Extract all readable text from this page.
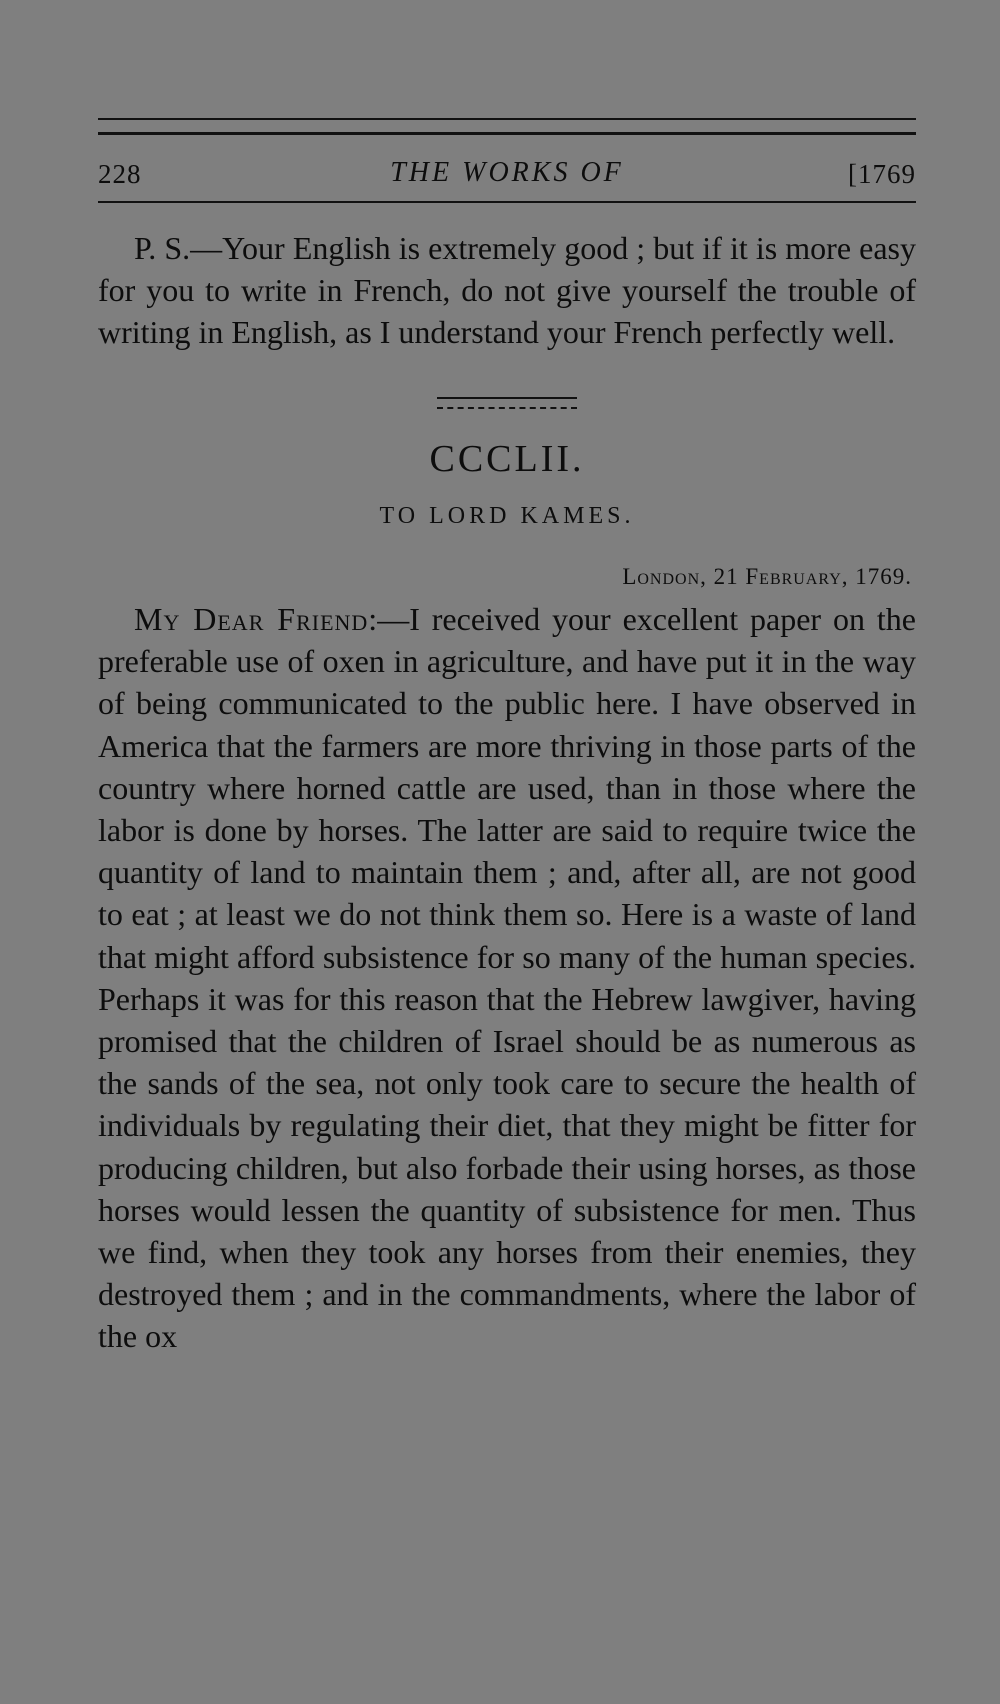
228	THE WORKS OF	[1769

P. S.—Your English is extremely good ; but if it is more easy for you to write in French, do not give yourself the trouble of writing in English, as I understand your French perfectly well.

CCCLII.
TO LORD KAMES.
London, 21 February, 1769.

My Dear Friend:—I received your excellent paper on the preferable use of oxen in agriculture, and have put it in the way of being communicated to the public here. I have observed in America that the farmers are more thriving in those parts of the country where horned cattle are used, than in those where the labor is done by horses. The latter are said to require twice the quantity of land to maintain them ; and, after all, are not good to eat ; at least we do not think them so. Here is a waste of land that might afford subsistence for so many of the human species. Perhaps it was for this reason that the Hebrew lawgiver, having promised that the children of Israel should be as numerous as the sands of the sea, not only took care to secure the health of individuals by regulating their diet, that they might be fitter for producing children, but also forbade their using horses, as those horses would lessen the quantity of subsistence for men. Thus we find, when they took any horses from their enemies, they destroyed them ; and in the commandments, where the labor of the ox
